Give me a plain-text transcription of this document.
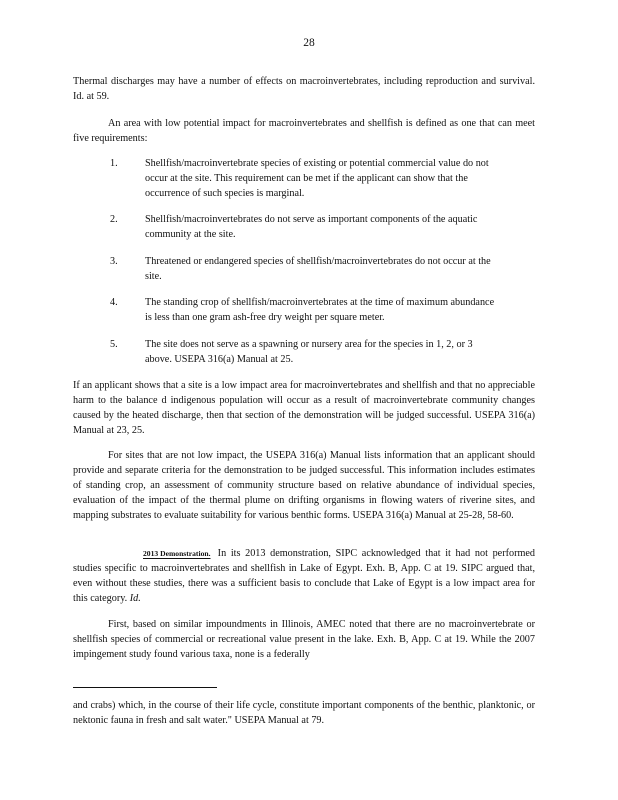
28

Thermal discharges may have a number of effects on macroinvertebrates, including reproduction and survival. Id. at 59.

An area with low potential impact for macroinvertebrates and shellfish is defined as one that can meet five requirements:

1.	Shellfish/macroinvertebrate species of existing or potential commercial value do not occur at the site. This requirement can be met if the applicant can show that the occurrence of such species is marginal.
2.	Shellfish/macroinvertebrates do not serve as important components of the aquatic community at the site.
3.	Threatened or endangered species of shellfish/macroinvertebrates do not occur at the site.
4.	The standing crop of shellfish/macroinvertebrates at the time of maximum abundance is less than one gram ash-free dry weight per square meter.
5.	The site does not serve as a spawning or nursery area for the species in 1, 2, or 3 above. USEPA 316(a) Manual at 25.

If an applicant shows that a site is a low impact area for macroinvertebrates and shellfish and that no appreciable harm to the balance d indigenous population will occur as a result of macroinvertebrate community changes caused by the heated discharge, then that section of the demonstration will be judged successful. USEPA 316(a) Manual at 23, 25.

For sites that are not low impact, the USEPA 316(a) Manual lists information that an applicant should provide and separate criteria for the demonstration to be judged successful. This information includes estimates of standing crop, an assessment of community structure based on relative abundance of individual species, evaluation of the impact of the thermal plume on drifting organisms in flowing waters of riverine sites, and mapping substrates to evaluate suitability for various benthic forms. USEPA 316(a) Manual at 25-28, 58-60.

2013 Demonstration. In its 2013 demonstration, SIPC acknowledged that it had not performed studies specific to macroinvertebrates and shellfish in Lake of Egypt. Exh. B, App. C at 19. SIPC argued that, even without these studies, there was a sufficient basis to conclude that Lake of Egypt is a low impact area for this category. Id.

First, based on similar impoundments in Illinois, AMEC noted that there are no macroinvertebrate or shellfish species of commercial or recreational value present in the lake. Exh. B, App. C at 19. While the 2007 impingement study found various taxa, none is a federally

and crabs) which, in the course of their life cycle, constitute important components of the benthic, planktonic, or nektonic fauna in fresh and salt water." USEPA Manual at 79.
